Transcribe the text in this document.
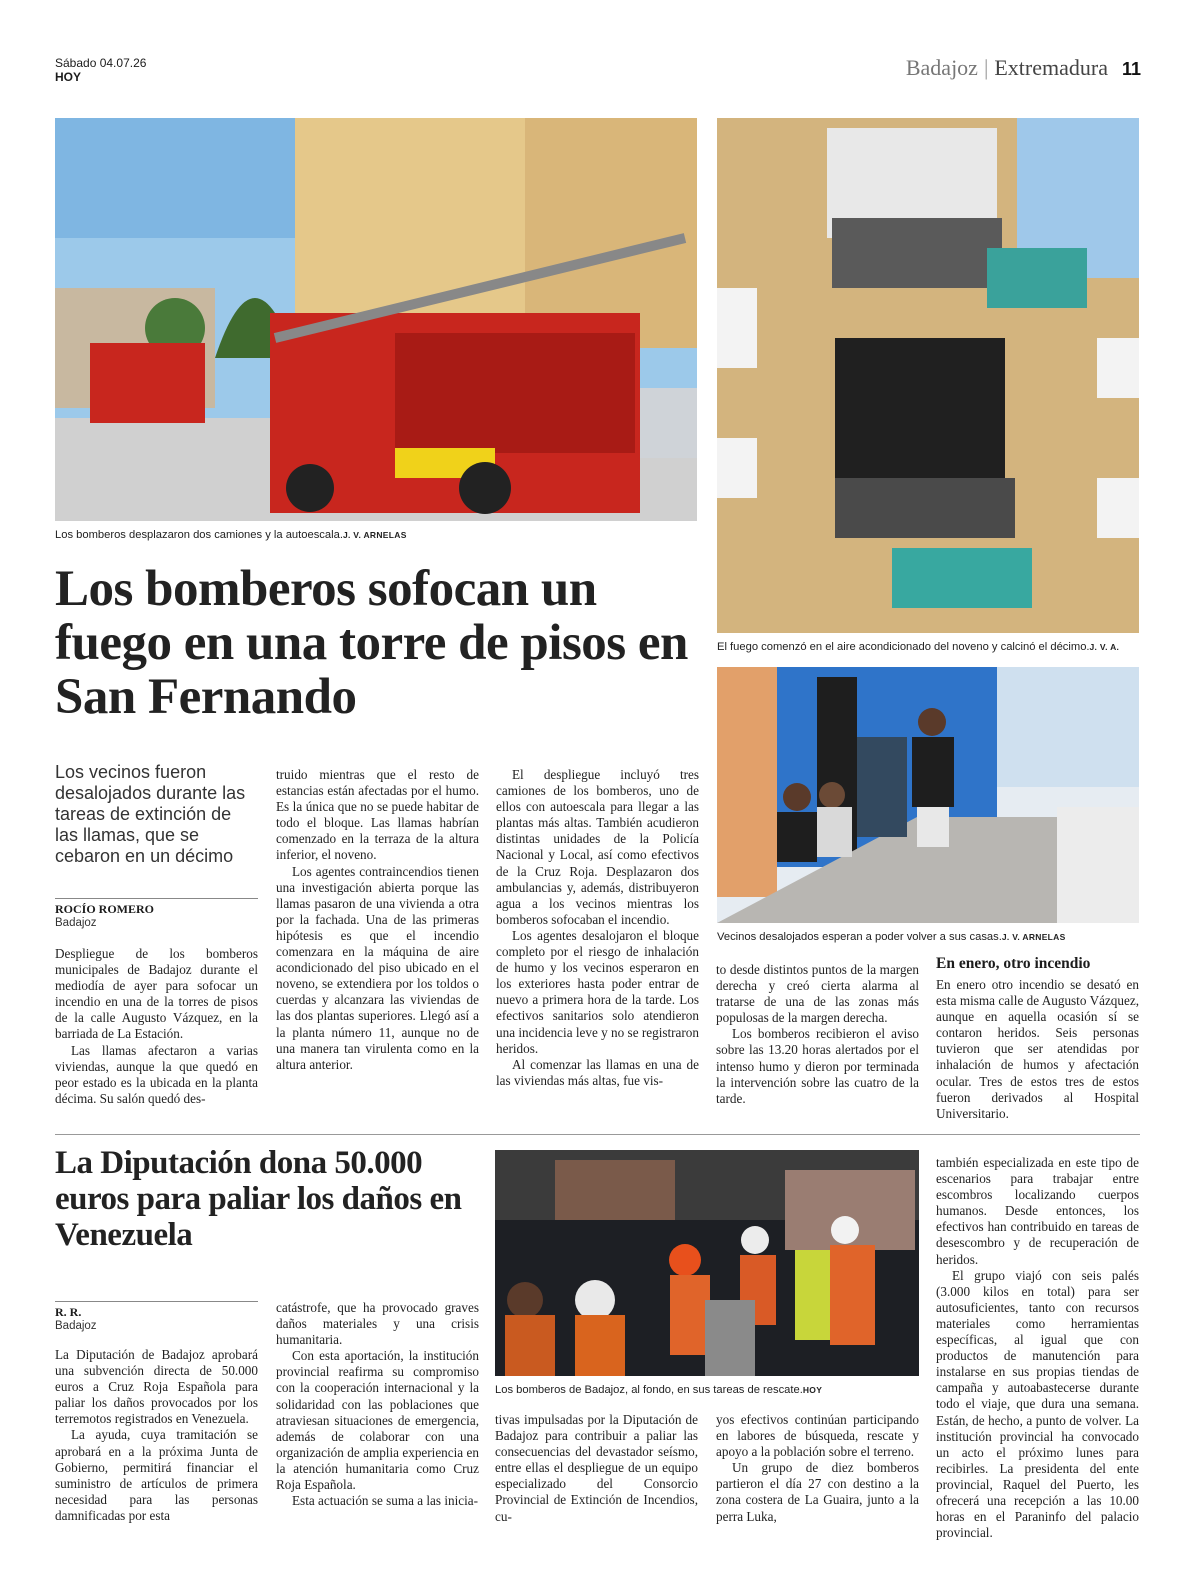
Sábado 04.07.26
HOY	Badajoz | Extremadura 11
Los bomberos desplazaron dos camiones y la autoescala.J. V. ARNELAS
El fuego comenzó en el aire acondicionado del noveno y calcinó el décimo.J. V. A.
Vecinos desalojados esperan a poder volver a sus casas.J. V. ARNELAS
Los bomberos sofocan un fuego en una torre de pisos en San Fernando
Los vecinos fueron desalojados durante las tareas de extinción de las llamas, que se cebaron en un décimo
ROCÍO ROMERO
Badajoz

Despliegue de los bomberos municipales de Badajoz durante el mediodía de ayer para sofocar un incendio en una de la torres de pisos de la calle Augusto Vázquez, en la barriada de La Estación.

Las llamas afectaron a varias viviendas, aunque la que quedó en peor estado es la ubicada en la planta décima. Su salón quedó des-

truido mientras que el resto de estancias están afectadas por el humo. Es la única que no se puede habitar de todo el bloque. Las llamas habrían comenzado en la terraza de la altura inferior, el noveno.

Los agentes contraincendios tienen una investigación abierta porque las llamas pasaron de una vivienda a otra por la fachada. Una de las primeras hipótesis es que el incendio comenzara en la máquina de aire acondicionado del piso ubicado en el noveno, se extendiera por los toldos o cuerdas y alcanzara las viviendas de las dos plantas superiores. Llegó así a la planta número 11, aunque no de una manera tan virulenta como en la altura anterior.

El despliegue incluyó tres camiones de los bomberos, uno de ellos con autoescala para llegar a las plantas más altas. También acudieron distintas unidades de la Policía Nacional y Local, así como efectivos de la Cruz Roja. Desplazaron dos ambulancias y, además, distribuyeron agua a los vecinos mientras los bomberos sofocaban el incendio.

Los agentes desalojaron el bloque completo por el riesgo de inhalación de humo y los vecinos esperaron en los exteriores hasta poder entrar de nuevo a primera hora de la tarde. Los efectivos sanitarios solo atendieron una incidencia leve y no se registraron heridos.

Al comenzar las llamas en una de las viviendas más altas, fue vis-

to desde distintos puntos de la margen derecha y creó cierta alarma al tratarse de una de las zonas más populosas de la margen derecha.

Los bomberos recibieron el aviso sobre las 13.20 horas alertados por el intenso humo y dieron por terminada la intervención sobre las cuatro de la tarde.

En enero, otro incendio

En enero otro incendio se desató en esta misma calle de Augusto Vázquez, aunque en aquella ocasión sí se contaron heridos. Seis personas tuvieron que ser atendidas por inhalación de humos y afectación ocular. Tres de estos tres de estos fueron derivados al Hospital Universitario.

La Diputación dona 50.000 euros para paliar los daños en Venezuela
R. R.
Badajoz

La Diputación de Badajoz aprobará una subvención directa de 50.000 euros a Cruz Roja Española para paliar los daños provocados por los terremotos registrados en Venezuela.

La ayuda, cuya tramitación se aprobará en a la próxima Junta de Gobierno, permitirá financiar el suministro de artículos de primera necesidad para las personas damnificadas por esta

catástrofe, que ha provocado graves daños materiales y una crisis humanitaria.

Con esta aportación, la institución provincial reafirma su compromiso con la cooperación internacional y la solidaridad con las poblaciones que atraviesan situaciones de emergencia, además de colaborar con una organización de amplia experiencia en la atención humanitaria como Cruz Roja Española.

Esta actuación se suma a las inicia-

Los bomberos de Badajoz, al fondo, en sus tareas de rescate.HOY

tivas impulsadas por la Diputación de Badajoz para contribuir a paliar las consecuencias del devastador seísmo, entre ellas el despliegue de un equipo especializado del Consorcio Provincial de Extinción de Incendios, cu-

yos efectivos continúan participando en labores de búsqueda, rescate y apoyo a la población sobre el terreno.

Un grupo de diez bomberos partieron el día 27 con destino a la zona costera de La Guaira, junto a la perra Luka,

también especializada en este tipo de escenarios para trabajar entre escombros localizando cuerpos humanos. Desde entonces, los efectivos han contribuido en tareas de desescombro y de recuperación de heridos.

El grupo viajó con seis palés (3.000 kilos en total) para ser autosuficientes, tanto con recursos materiales como herramientas específicas, al igual que con productos de manutención para instalarse en sus propias tiendas de campaña y autoabastecerse durante todo el viaje, que dura una semana. Están, de hecho, a punto de volver. La institución provincial ha convocado un acto el próximo lunes para recibirles. La presidenta del ente provincial, Raquel del Puerto, les ofrecerá una recepción a las 10.00 horas en el Paraninfo del palacio provincial.
